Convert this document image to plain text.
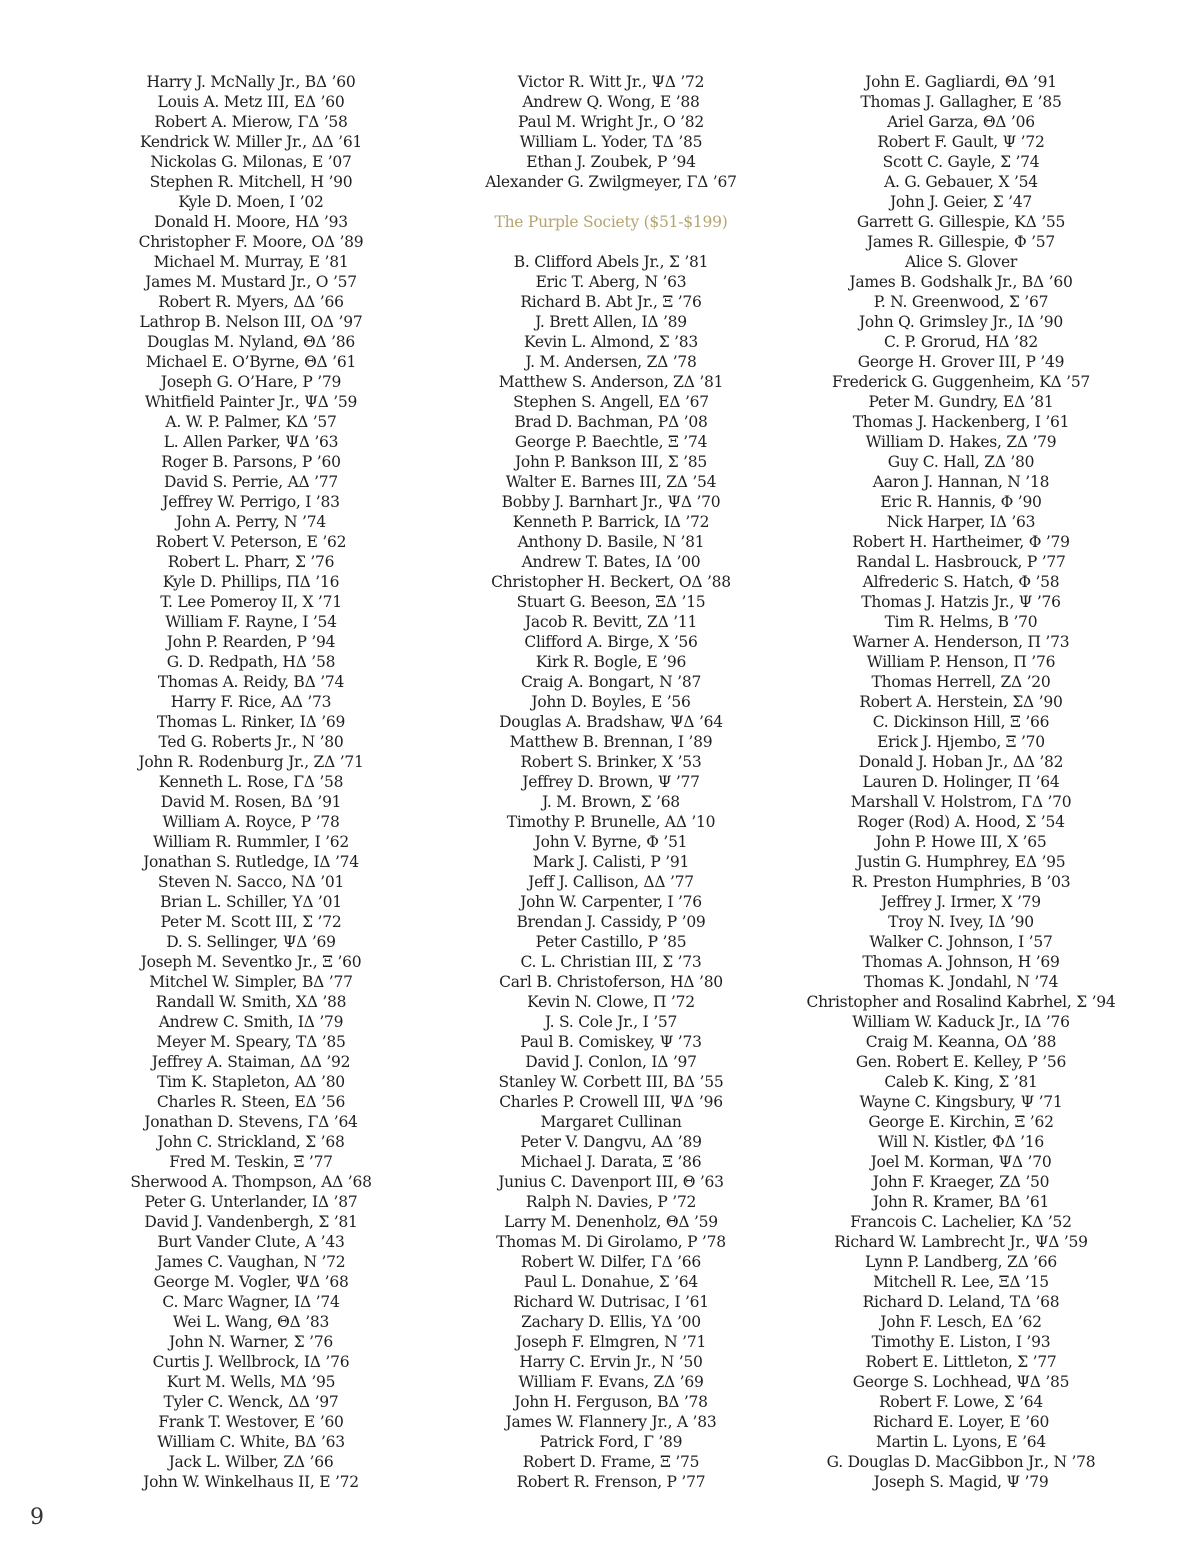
Harry J. McNally Jr., BΔ ’60
Louis A. Metz III, EΔ ’60
Robert A. Mierow, ΓΔ ’58
Kendrick W. Miller Jr., ΔΔ ’61
Nickolas G. Milonas, E ’07
Stephen R. Mitchell, H ’90
Kyle D. Moen, I ’02
Donald H. Moore, HΔ ’93
Christopher F. Moore, OΔ ’89
Michael M. Murray, E ’81
James M. Mustard Jr., O ’57
Robert R. Myers, ΔΔ ’66
Lathrop B. Nelson III, OΔ ’97
Douglas M. Nyland, ΘΔ ’86
Michael E. O’Byrne, ΘΔ ’61
Joseph G. O’Hare, P ’79
Whitfield Painter Jr., ΨΔ ’59
A. W. P. Palmer, KΔ ’57
L. Allen Parker, ΨΔ ’63
Roger B. Parsons, P ’60
David S. Perrie, AΔ ’77
Jeffrey W. Perrigo, I ’83
John A. Perry, N ’74
Robert V. Peterson, E ’62
Robert L. Pharr, Σ ’76
Kyle D. Phillips, ΠΔ ’16
T. Lee Pomeroy II, X ’71
William F. Rayne, I ’54
John P. Rearden, P ’94
G. D. Redpath, HΔ ’58
Thomas A. Reidy, BΔ ’74
Harry F. Rice, AΔ ’73
Thomas L. Rinker, IΔ ’69
Ted G. Roberts Jr., N ’80
John R. Rodenburg Jr., ZΔ ’71
Kenneth L. Rose, ΓΔ ’58
David M. Rosen, BΔ ’91
William A. Royce, P ’78
William R. Rummler, I ’62
Jonathan S. Rutledge, IΔ ’74
Steven N. Sacco, NΔ ’01
Brian L. Schiller, YΔ ’01
Peter M. Scott III, Σ ’72
D. S. Sellinger, ΨΔ ’69
Joseph M. Seventko Jr., Ξ ’60
Mitchel W. Simpler, BΔ ’77
Randall W. Smith, XΔ ’88
Andrew C. Smith, IΔ ’79
Meyer M. Speary, TΔ ’85
Jeffrey A. Staiman, ΔΔ ’92
Tim K. Stapleton, AΔ ’80
Charles R. Steen, EΔ ’56
Jonathan D. Stevens, ΓΔ ’64
John C. Strickland, Σ ’68
Fred M. Teskin, Ξ ’77
Sherwood A. Thompson, AΔ ’68
Peter G. Unterlander, IΔ ’87
David J. Vandenbergh, Σ ’81
Burt Vander Clute, A ’43
James C. Vaughan, N ’72
George M. Vogler, ΨΔ ’68
C. Marc Wagner, IΔ ’74
Wei L. Wang, ΘΔ ’83
John N. Warner, Σ ’76
Curtis J. Wellbrock, IΔ ’76
Kurt M. Wells, MΔ ’95
Tyler C. Wenck, ΔΔ ’97
Frank T. Westover, E ’60
William C. White, BΔ ’63
Jack L. Wilber, ZΔ ’66
John W. Winkelhaus II, E ’72
Victor R. Witt Jr., ΨΔ ’72
Andrew Q. Wong, E ’88
Paul M. Wright Jr., O ’82
William L. Yoder, TΔ ’85
Ethan J. Zoubek, P ’94
Alexander G. Zwilgmeyer, ΓΔ ’67
The Purple Society ($51-$199)
B. Clifford Abels Jr., Σ ’81
Eric T. Aberg, N ’63
Richard B. Abt Jr., Ξ ’76
J. Brett Allen, IΔ ’89
Kevin L. Almond, Σ ’83
J. M. Andersen, ZΔ ’78
Matthew S. Anderson, ZΔ ’81
Stephen S. Angell, EΔ ’67
Brad D. Bachman, PΔ ’08
George P. Baechtle, Ξ ’74
John P. Bankson III, Σ ’85
Walter E. Barnes III, ZΔ ’54
Bobby J. Barnhart Jr., ΨΔ ’70
Kenneth P. Barrick, IΔ ’72
Anthony D. Basile, N ’81
Andrew T. Bates, IΔ ’00
Christopher H. Beckert, OΔ ’88
Stuart G. Beeson, ΞΔ ’15
Jacob R. Bevitt, ZΔ ’11
Clifford A. Birge, X ’56
Kirk R. Bogle, E ’96
Craig A. Bongart, N ’87
John D. Boyles, E ’56
Douglas A. Bradshaw, ΨΔ ’64
Matthew B. Brennan, I ’89
Robert S. Brinker, X ’53
Jeffrey D. Brown, Ψ ’77
J. M. Brown, Σ ’68
Timothy P. Brunelle, AΔ ’10
John V. Byrne, Φ ’51
Mark J. Calisti, P ’91
Jeff J. Callison, ΔΔ ’77
John W. Carpenter, I ’76
Brendan J. Cassidy, P ’09
Peter Castillo, P ’85
C. L. Christian III, Σ ’73
Carl B. Christoferson, HΔ ’80
Kevin N. Clowe, Π ’72
J. S. Cole Jr., I ’57
Paul B. Comiskey, Ψ ’73
David J. Conlon, IΔ ’97
Stanley W. Corbett III, BΔ ’55
Charles P. Crowell III, ΨΔ ’96
Margaret Cullinan
Peter V. Dangvu, AΔ ’89
Michael J. Darata, Ξ ’86
Junius C. Davenport III, Θ ’63
Ralph N. Davies, P ’72
Larry M. Denenholz, ΘΔ ’59
Thomas M. Di Girolamo, P ’78
Robert W. Dilfer, ΓΔ ’66
Paul L. Donahue, Σ ’64
Richard W. Dutrisac, I ’61
Zachary D. Ellis, YΔ ’00
Joseph F. Elmgren, N ’71
Harry C. Ervin Jr., N ’50
William F. Evans, ZΔ ’69
John H. Ferguson, BΔ ’78
James W. Flannery Jr., A ’83
Patrick Ford, Γ ’89
Robert D. Frame, Ξ ’75
Robert R. Frenson, P ’77
John E. Gagliardi, ΘΔ ’91
Thomas J. Gallagher, E ’85
Ariel Garza, ΘΔ ’06
Robert F. Gault, Ψ ’72
Scott C. Gayle, Σ ’74
A. G. Gebauer, X ’54
John J. Geier, Σ ’47
Garrett G. Gillespie, KΔ ’55
James R. Gillespie, Φ ’57
Alice S. Glover
James B. Godshalk Jr., BΔ ’60
P. N. Greenwood, Σ ’67
John Q. Grimsley Jr., IΔ ’90
C. P. Grorud, HΔ ’82
George H. Grover III, P ’49
Frederick G. Guggenheim, KΔ ’57
Peter M. Gundry, EΔ ’81
Thomas J. Hackenberg, I ’61
William D. Hakes, ZΔ ’79
Guy C. Hall, ZΔ ’80
Aaron J. Hannan, N ’18
Eric R. Hannis, Φ ’90
Nick Harper, IΔ ’63
Robert H. Hartheimer, Φ ’79
Randal L. Hasbrouck, P ’77
Alfrederic S. Hatch, Φ ’58
Thomas J. Hatzis Jr., Ψ ’76
Tim R. Helms, B ’70
Warner A. Henderson, Π ’73
William P. Henson, Π ’76
Thomas Herrell, ZΔ ’20
Robert A. Herstein, ΣΔ ’90
C. Dickinson Hill, Ξ ’66
Erick J. Hjembo, Ξ ’70
Donald J. Hoban Jr., ΔΔ ’82
Lauren D. Holinger, Π ’64
Marshall V. Holstrom, ΓΔ ’70
Roger (Rod) A. Hood, Σ ’54
John P. Howe III, X ’65
Justin G. Humphrey, EΔ ’95
R. Preston Humphries, B ’03
Jeffrey J. Irmer, X ’79
Troy N. Ivey, IΔ ’90
Walker C. Johnson, I ’57
Thomas A. Johnson, H ’69
Thomas K. Jondahl, N ’74
Christopher and Rosalind Kabrhel, Σ ’94
William W. Kaduck Jr., IΔ ’76
Craig M. Keanna, OΔ ’88
Gen. Robert E. Kelley, P ’56
Caleb K. King, Σ ’81
Wayne C. Kingsbury, Ψ ’71
George E. Kirchin, Ξ ’62
Will N. Kistler, ΦΔ ’16
Joel M. Korman, ΨΔ ’70
John F. Kraeger, ZΔ ’50
John R. Kramer, BΔ ’61
Francois C. Lachelier, KΔ ’52
Richard W. Lambrecht Jr., ΨΔ ’59
Lynn P. Landberg, ZΔ ’66
Mitchell R. Lee, ΞΔ ’15
Richard D. Leland, TΔ ’68
John F. Lesch, EΔ ’62
Timothy E. Liston, I ’93
Robert E. Littleton, Σ ’77
George S. Lochhead, ΨΔ ’85
Robert F. Lowe, Σ ’64
Richard E. Loyer, E ’60
Martin L. Lyons, E ’64
G. Douglas D. MacGibbon Jr., N ’78
Joseph S. Magid, Ψ ’79
9
